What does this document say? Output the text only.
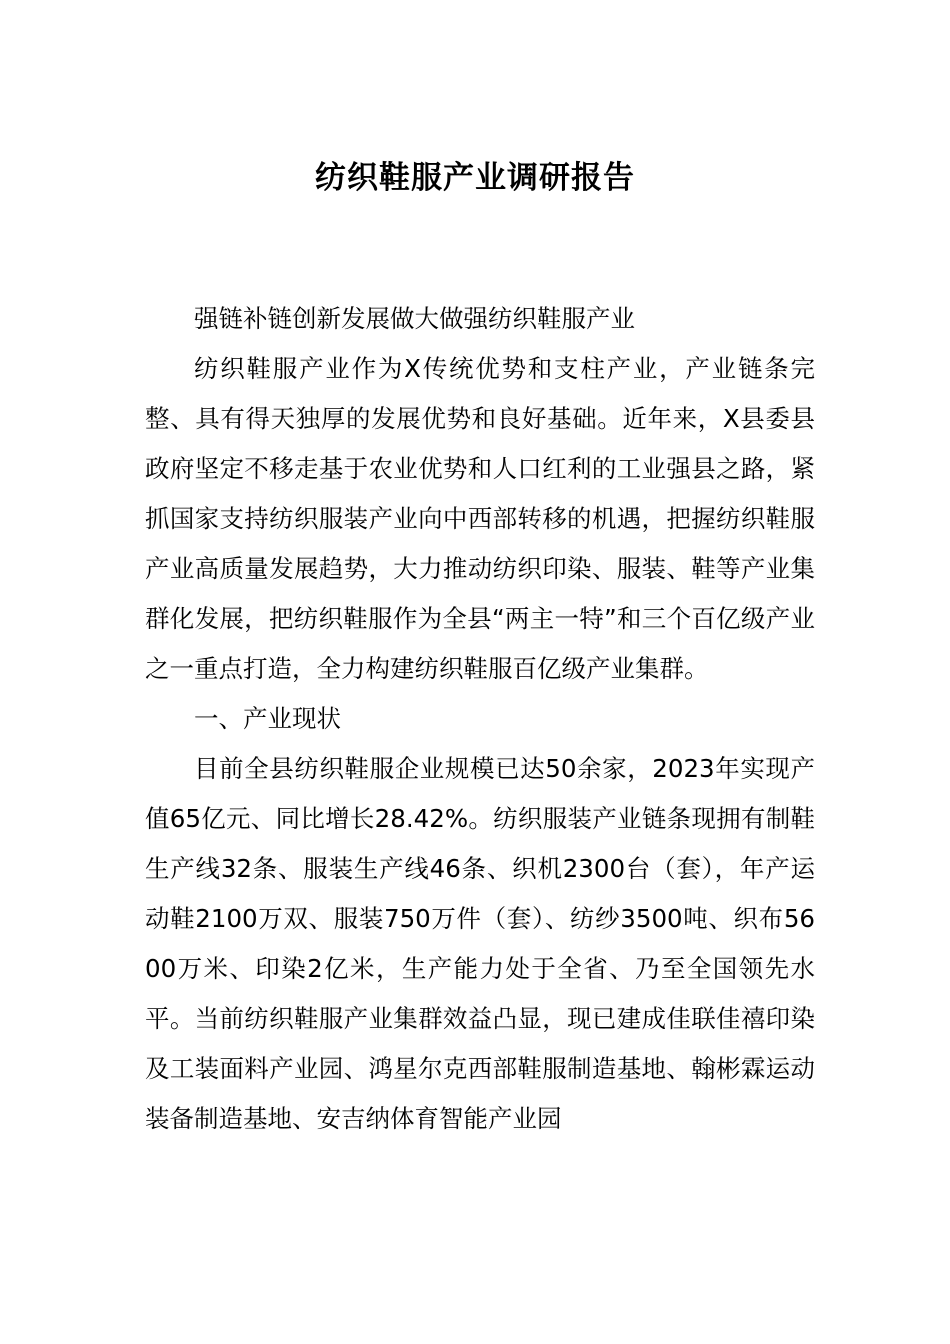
纺织鞋服产业调研报告

强链补链创新发展做大做强纺织鞋服产业

纺织鞋服产业作为X传统优势和支柱产业，产业链条完整、具有得天独厚的发展优势和良好基础。近年来，X县委县政府坚定不移走基于农业优势和人口红利的工业强县之路，紧抓国家支持纺织服装产业向中西部转移的机遇，把握纺织鞋服产业高质量发展趋势，大力推动纺织印染、服装、鞋等产业集群化发展，把纺织鞋服作为全县“两主一特”和三个百亿级产业之一重点打造，全力构建纺织鞋服百亿级产业集群。

一、产业现状

目前全县纺织鞋服企业规模已达50余家，2023年实现产值65亿元、同比增长28.42%。纺织服装产业链条现拥有制鞋生产线32条、服装生产线46条、织机2300台（套），年产运动鞋2100万双、服装750万件（套）、纺纱3500吨、织布5600万米、印染2亿米，生产能力处于全省、乃至全国领先水平。当前纺织鞋服产业集群效益凸显，现已建成佳联佳禧印染及工装面料产业园、鸿星尔克西部鞋服制造基地、翰彬霖运动装备制造基地、安吉纳体育智能产业园
